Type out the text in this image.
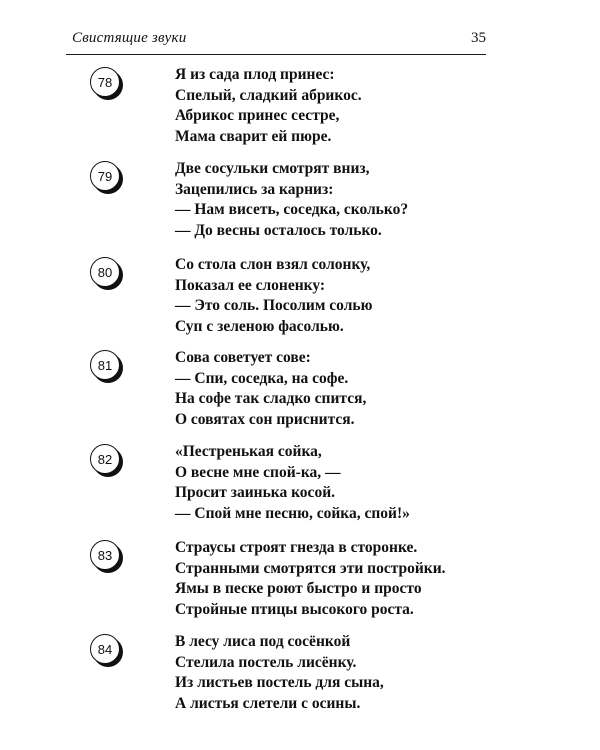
Свистящие звуки	35
78	Я из сада плод принес:
Спелый, сладкий абрикос.
Абрикос принес сестре,
Мама сварит ей пюре.
79	Две сосульки смотрят вниз,
Зацепились за карниз:
— Нам висеть, соседка, сколько?
— До весны осталось только.
80	Со стола слон взял солонку,
Показал ее слоненку:
— Это соль. Посолим солью
Суп с зеленою фасолью.
81	Сова советует сове:
— Спи, соседка, на софе.
На софе так сладко спится,
О совятах сон приснится.
82	«Пестренькая сойка,
О весне мне спой-ка, —
Просит заинька косой.
— Спой мне песню, сойка, спой!»
83	Страусы строят гнезда в сторонке.
Странными смотрятся эти постройки.
Ямы в песке роют быстро и просто
Стройные птицы высокого роста.
84	В лесу лиса под сосёнкой
Стелила постель лисёнку.
Из листьев постель для сына,
А листья слетели с осины.
